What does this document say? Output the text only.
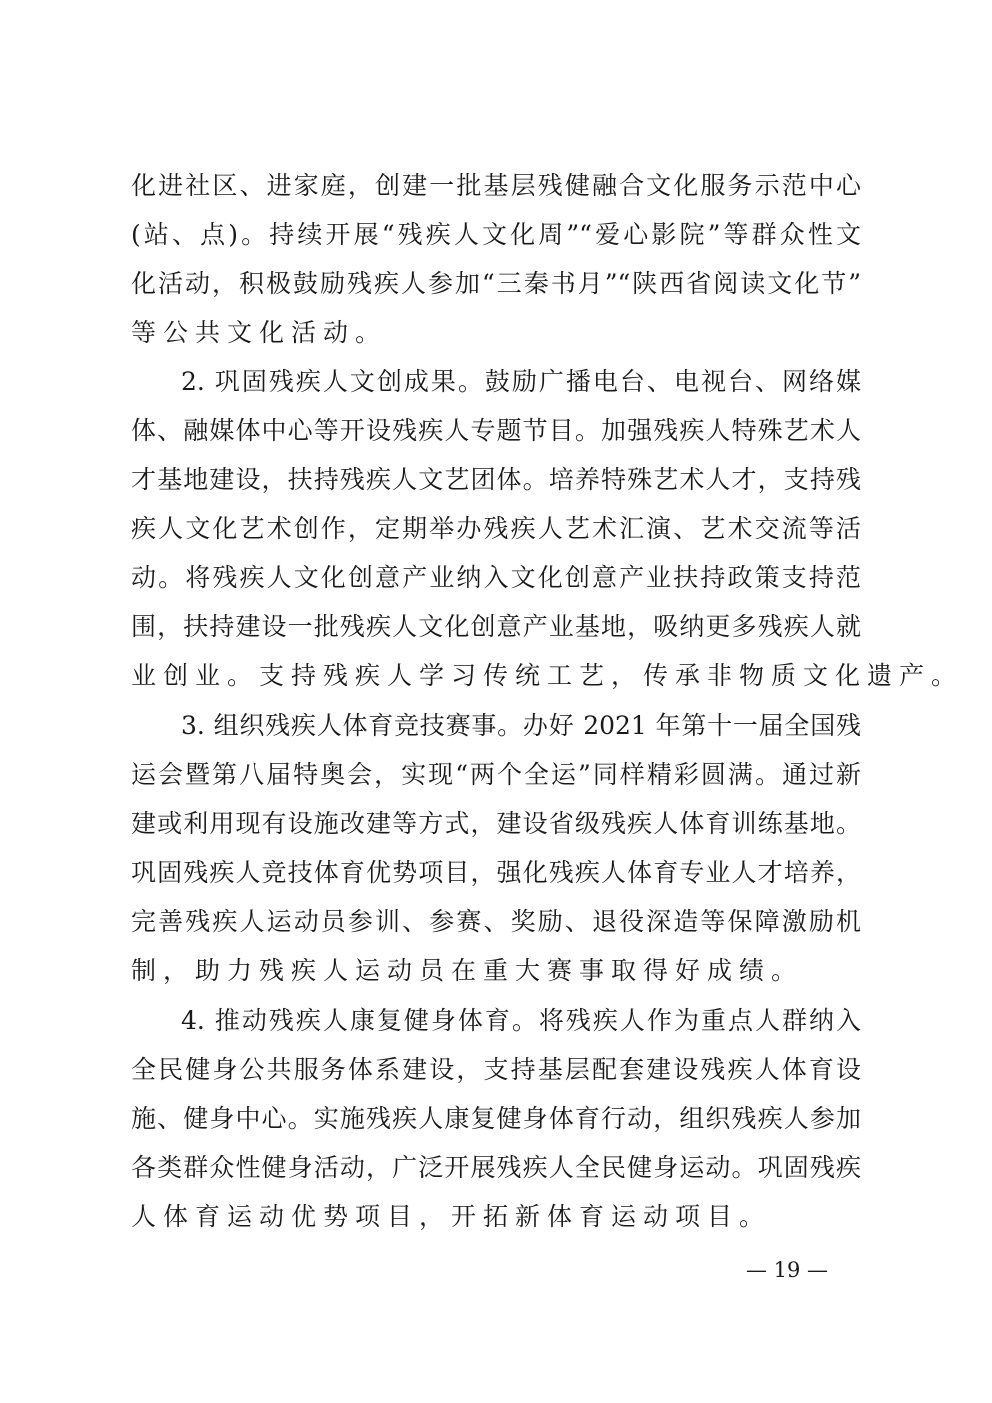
化进社区、进家庭，创建一批基层残健融合文化服务示范中心
(站、点)。持续开展“残疾人文化周”“爱心影院”等群众性文
化活动，积极鼓励残疾人参加“三秦书月”“陕西省阅读文化节”
等公共文化活动。
2. 巩固残疾人文创成果。鼓励广播电台、电视台、网络媒
体、融媒体中心等开设残疾人专题节目。加强残疾人特殊艺术人
才基地建设，扶持残疾人文艺团体。培养特殊艺术人才，支持残
疾人文化艺术创作，定期举办残疾人艺术汇演、艺术交流等活
动。将残疾人文化创意产业纳入文化创意产业扶持政策支持范
围，扶持建设一批残疾人文化创意产业基地，吸纳更多残疾人就
业创业。支持残疾人学习传统工艺，传承非物质文化遗产。
3. 组织残疾人体育竞技赛事。办好 2021 年第十一届全国残
运会暨第八届特奥会，实现“两个全运”同样精彩圆满。通过新
建或利用现有设施改建等方式，建设省级残疾人体育训练基地。
巩固残疾人竞技体育优势项目，强化残疾人体育专业人才培养，
完善残疾人运动员参训、参赛、奖励、退役深造等保障激励机
制，助力残疾人运动员在重大赛事取得好成绩。
4. 推动残疾人康复健身体育。将残疾人作为重点人群纳入
全民健身公共服务体系建设，支持基层配套建设残疾人体育设
施、健身中心。实施残疾人康复健身体育行动，组织残疾人参加
各类群众性健身活动，广泛开展残疾人全民健身运动。巩固残疾
人体育运动优势项目，开拓新体育运动项目。
— 19 —
